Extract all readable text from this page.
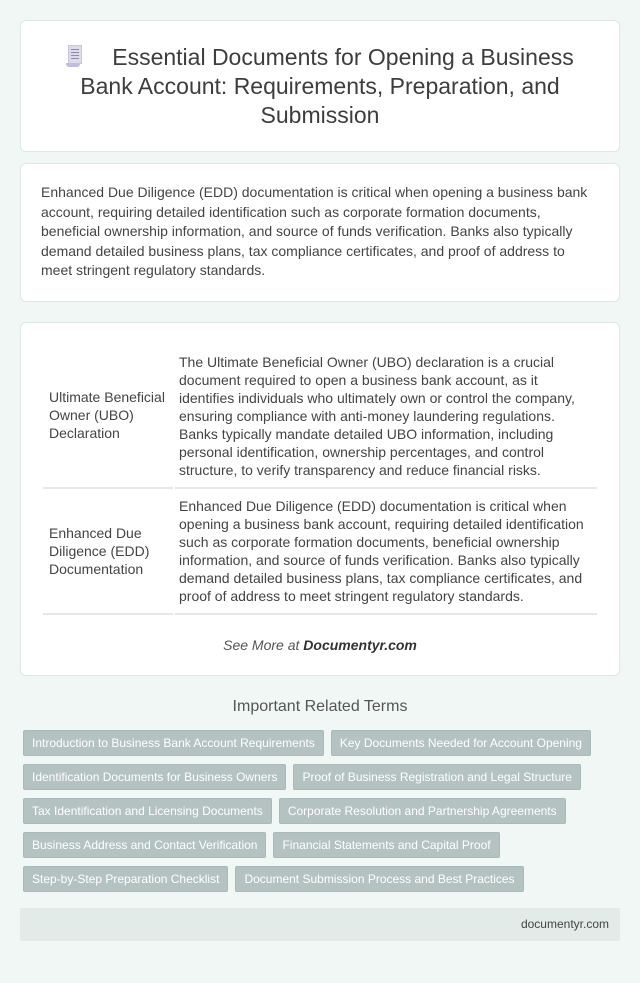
Essential Documents for Opening a Business Bank Account: Requirements, Preparation, and Submission

Enhanced Due Diligence (EDD) documentation is critical when opening a business bank account, requiring detailed identification such as corporate formation documents, beneficial ownership information, and source of funds verification. Banks also typically demand detailed business plans, tax compliance certificates, and proof of address to meet stringent regulatory standards.

Ultimate Beneficial Owner (UBO) Declaration	The Ultimate Beneficial Owner (UBO) declaration is a crucial document required to open a business bank account, as it identifies individuals who ultimately own or control the company, ensuring compliance with anti-money laundering regulations. Banks typically mandate detailed UBO information, including personal identification, ownership percentages, and control structure, to verify transparency and reduce financial risks.
Enhanced Due Diligence (EDD) Documentation	Enhanced Due Diligence (EDD) documentation is critical when opening a business bank account, requiring detailed identification such as corporate formation documents, beneficial ownership information, and source of funds verification. Banks also typically demand detailed business plans, tax compliance certificates, and proof of address to meet stringent regulatory standards.

See More at Documentyr.com

Important Related Terms
Introduction to Business Bank Account Requirements	Key Documents Needed for Account Opening
Identification Documents for Business Owners	Proof of Business Registration and Legal Structure
Tax Identification and Licensing Documents	Corporate Resolution and Partnership Agreements
Business Address and Contact Verification	Financial Statements and Capital Proof
Step-by-Step Preparation Checklist	Document Submission Process and Best Practices
documentyr.com
